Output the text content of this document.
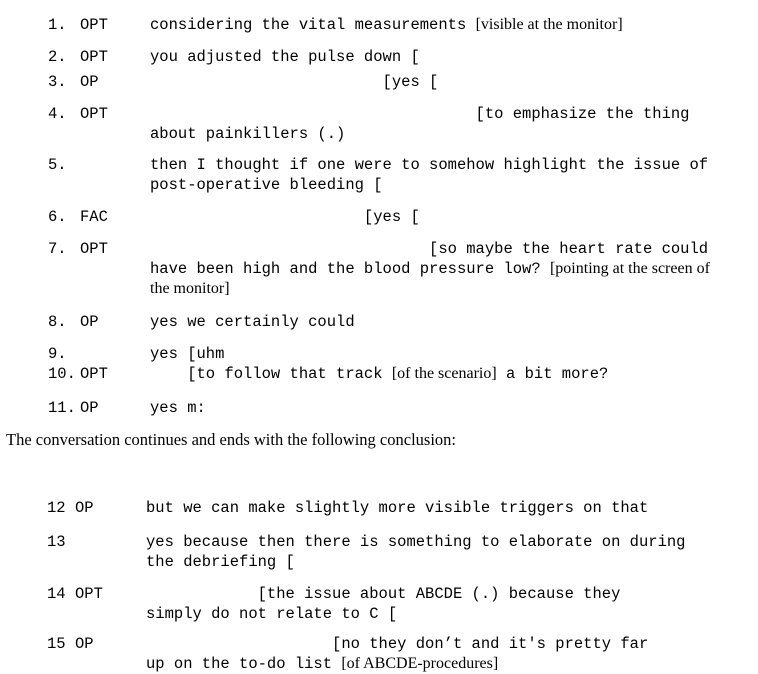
1. OPT	considering the vital measurements [visible at the monitor]
2. OPT	you adjusted the pulse down [
3. OP	[yes [
4. OPT	[to emphasize the thing
about painkillers (.)
5.	then I thought if one were to somehow highlight the issue of
post-operative bleeding [
6. FAC	[yes [
7. OPT	[so maybe the heart rate could
have been high and the blood pressure low? [pointing at the screen of
the monitor]
8. OP	yes we certainly could
9.	yes [uhm
10. OPT	[to follow that track [of the scenario] a bit more?
11. OP	yes m:
12 OP	but we can make slightly more visible triggers on that
13	yes because then there is something to elaborate on during
the debriefing [
14 OPT	[the issue about ABCDE (.) because they
simply do not relate to C [
15 OP	[no they don’t and it's pretty far
up on the to-do list [of ABCDE-procedures]
The conversation continues and ends with the following conclusion:
